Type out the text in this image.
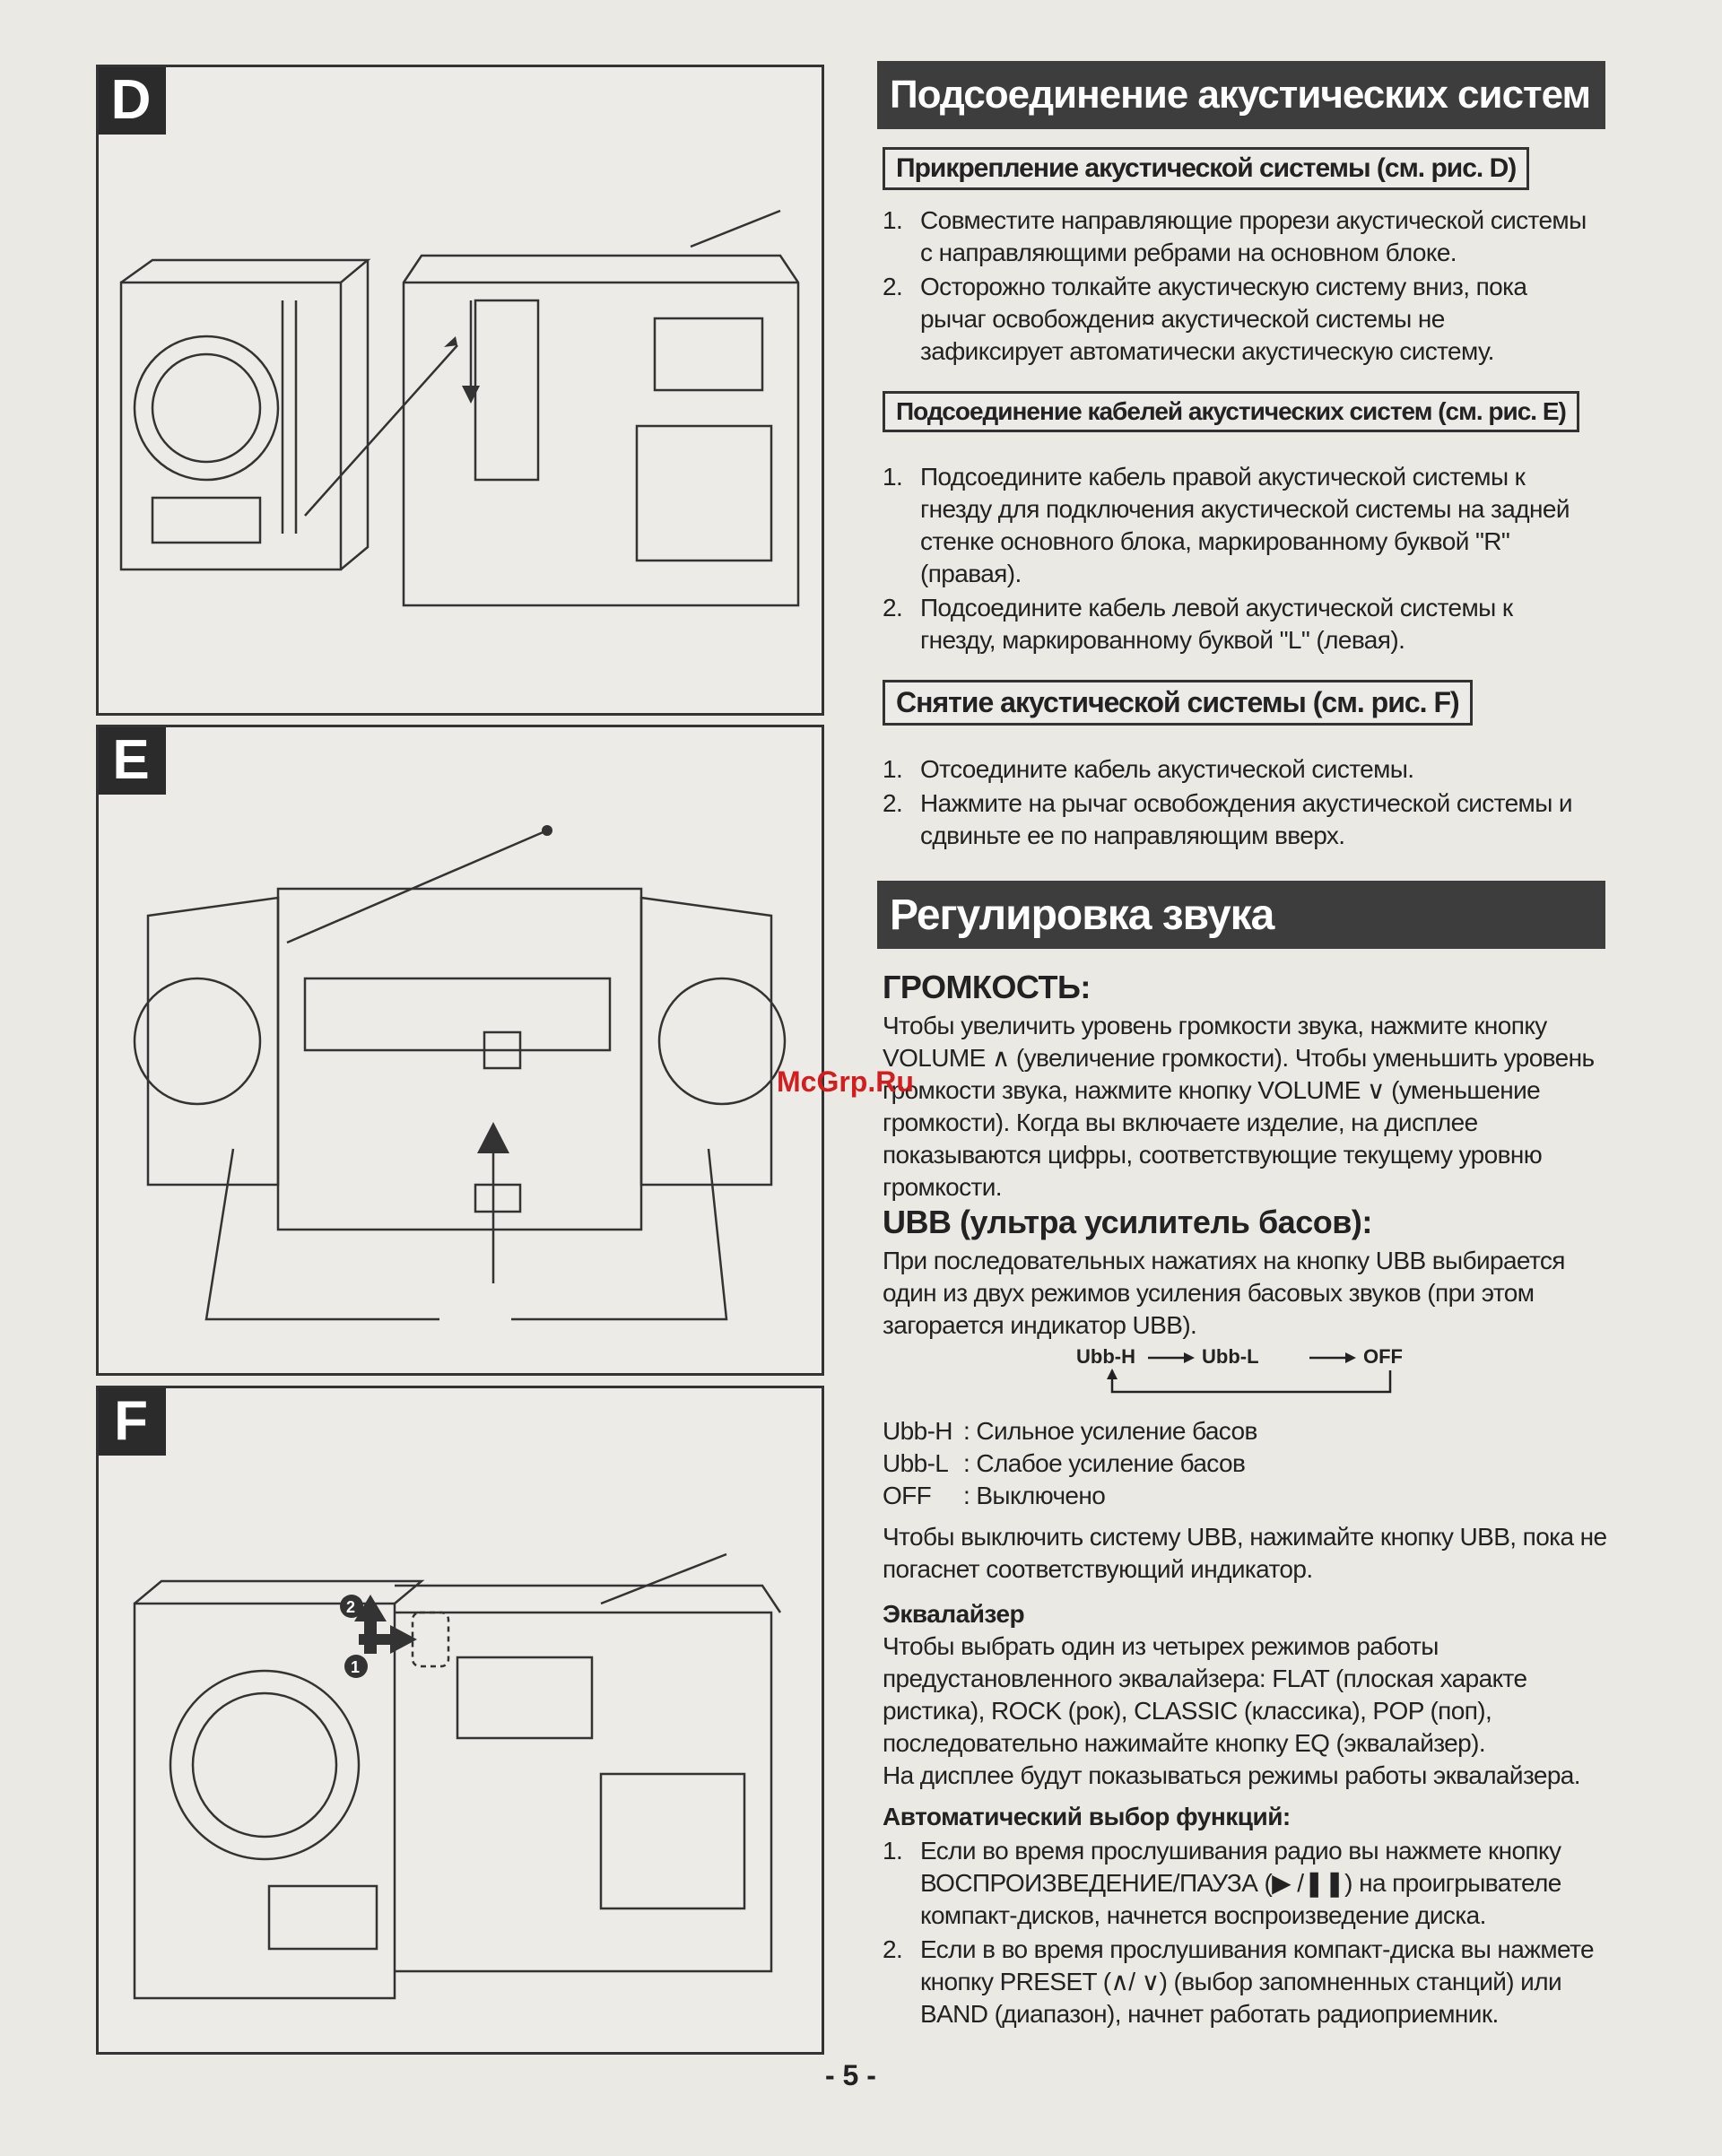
D
E
1
2
F
Подсоединение акустических систем
Прикрепление акустической системы (см. рис. D)
1. Совместите направляющие прорези акустической системы с направляющими ребрами на основном блоке.
2. Осторожно толкайте акустическую систему вниз, пока рычаг освобождени¤ акустической системы не зафиксирует автоматически акустическую систему.
Подсоединение кабелей акустических систем (см. рис. E)
1. Подсоедините кабель правой акустической системы к гнезду для подключения акустической системы на задней стенке основного блока, маркированному буквой "R" (правая).
2. Подсоедините кабель левой акустической системы к гнезду, маркированному буквой "L" (левая).
Снятие акустической системы (см. рис. F)
1. Отсоедините кабель акустической системы.
2. Нажмите на рычаг освобождения акустической системы и сдвиньте ее по направляющим вверх.
Регулировка звука
ГРОМКОСТЬ:
Чтобы увеличить уровень громкости звука, нажмите кнопку VOLUME ∧ (увеличение громкости). Чтобы уменьшить уровень громкости звука, нажмите кнопку VOLUME ∨ (уменьшение громкости). Когда вы включаете изделие, на дисплее показываются цифры, соответствующие текущему уровню громкости.
UBB (ультра усилитель басов):
При последовательных нажатиях на кнопку UBB выбирается один из двух режимов усиления басовых звуков (при этом загорается индикатор UBB).
Ubb-H	Ubb-L	OFF
Ubb-H : Сильное усиление басов
Ubb-L : Слабое усиление басов
OFF	: Выключено
Чтобы выключить систему UBB, нажимайте кнопку UBB, пока не погаснет соответствующий индикатор.
Эквалайзер
Чтобы выбрать один из четырех режимов работы предустановленного эквалайзера: FLAT (плоская характе ристика), ROCK (рок), CLASSIC (классика), POP (поп), последовательно нажимайте кнопку EQ (эквалайзер).
На дисплее будут показываться режимы работы эквалайзера.
Автоматический выбор функций:
1. Если во время прослушивания радио вы нажмете кнопку ВОСПРОИЗВЕДЕНИЕ/ПАУЗА (▶ /❚❚) на проигрывателе компакт-дисков, начнется воспроизведение диска.
2. Если в во время прослушивания компакт-диска вы нажмете кнопку PRESET (∧/ ∨) (выбор запомненных станций) или BAND (диапазон), начнет работать радиоприемник.
- 5 -
McGrp.Ru
